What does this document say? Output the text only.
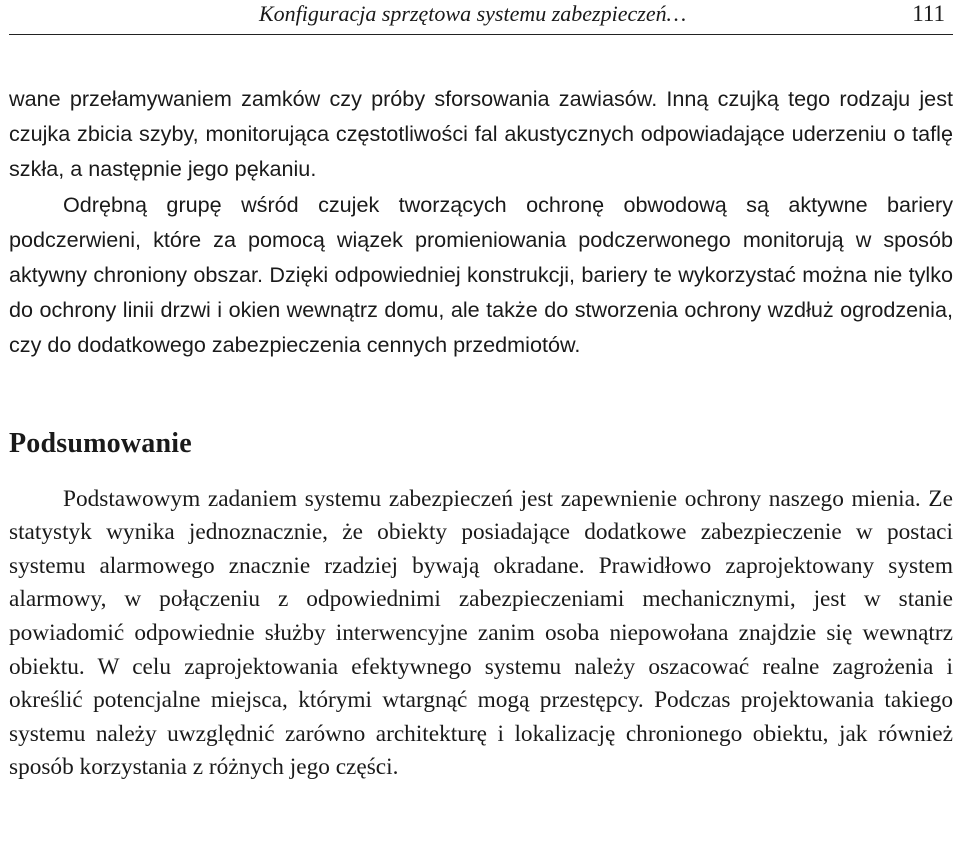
Konfiguracja sprzętowa systemu zabezpieczeń…	111

wane przełamywaniem zamków czy próby sforsowania zawiasów. Inną czujką tego rodzaju jest czujka zbicia szyby, monitorująca częstotliwości fal akustycznych odpowiadające uderzeniu o taflę szkła, a następnie jego pękaniu.

Odrębną grupę wśród czujek tworzących ochronę obwodową są aktywne bariery podczerwieni, które za pomocą wiązek promieniowania podczerwonego monitorują w sposób aktywny chroniony obszar. Dzięki odpowiedniej konstrukcji, bariery te wykorzystać można nie tylko do ochrony linii drzwi i okien wewnątrz domu, ale także do stworzenia ochrony wzdłuż ogrodzenia, czy do dodatkowego zabezpieczenia cennych przedmiotów.

Podsumowanie

Podstawowym zadaniem systemu zabezpieczeń jest zapewnienie ochrony naszego mienia. Ze statystyk wynika jednoznacznie, że obiekty posiadające dodatkowe zabezpieczenie w postaci systemu alarmowego znacznie rzadziej bywają okradane. Prawidłowo zaprojektowany system alarmowy, w połączeniu z odpowiednimi zabezpieczeniami mechanicznymi, jest w stanie powiadomić odpowiednie służby interwencyjne zanim osoba niepowołana znajdzie się wewnątrz obiektu. W celu zaprojektowania efektywnego systemu należy oszacować realne zagrożenia i określić potencjalne miejsca, którymi wtargnąć mogą przestępcy. Podczas projektowania takiego systemu należy uwzględnić zarówno architekturę i lokalizację chronionego obiektu, jak również sposób korzystania z różnych jego części.
